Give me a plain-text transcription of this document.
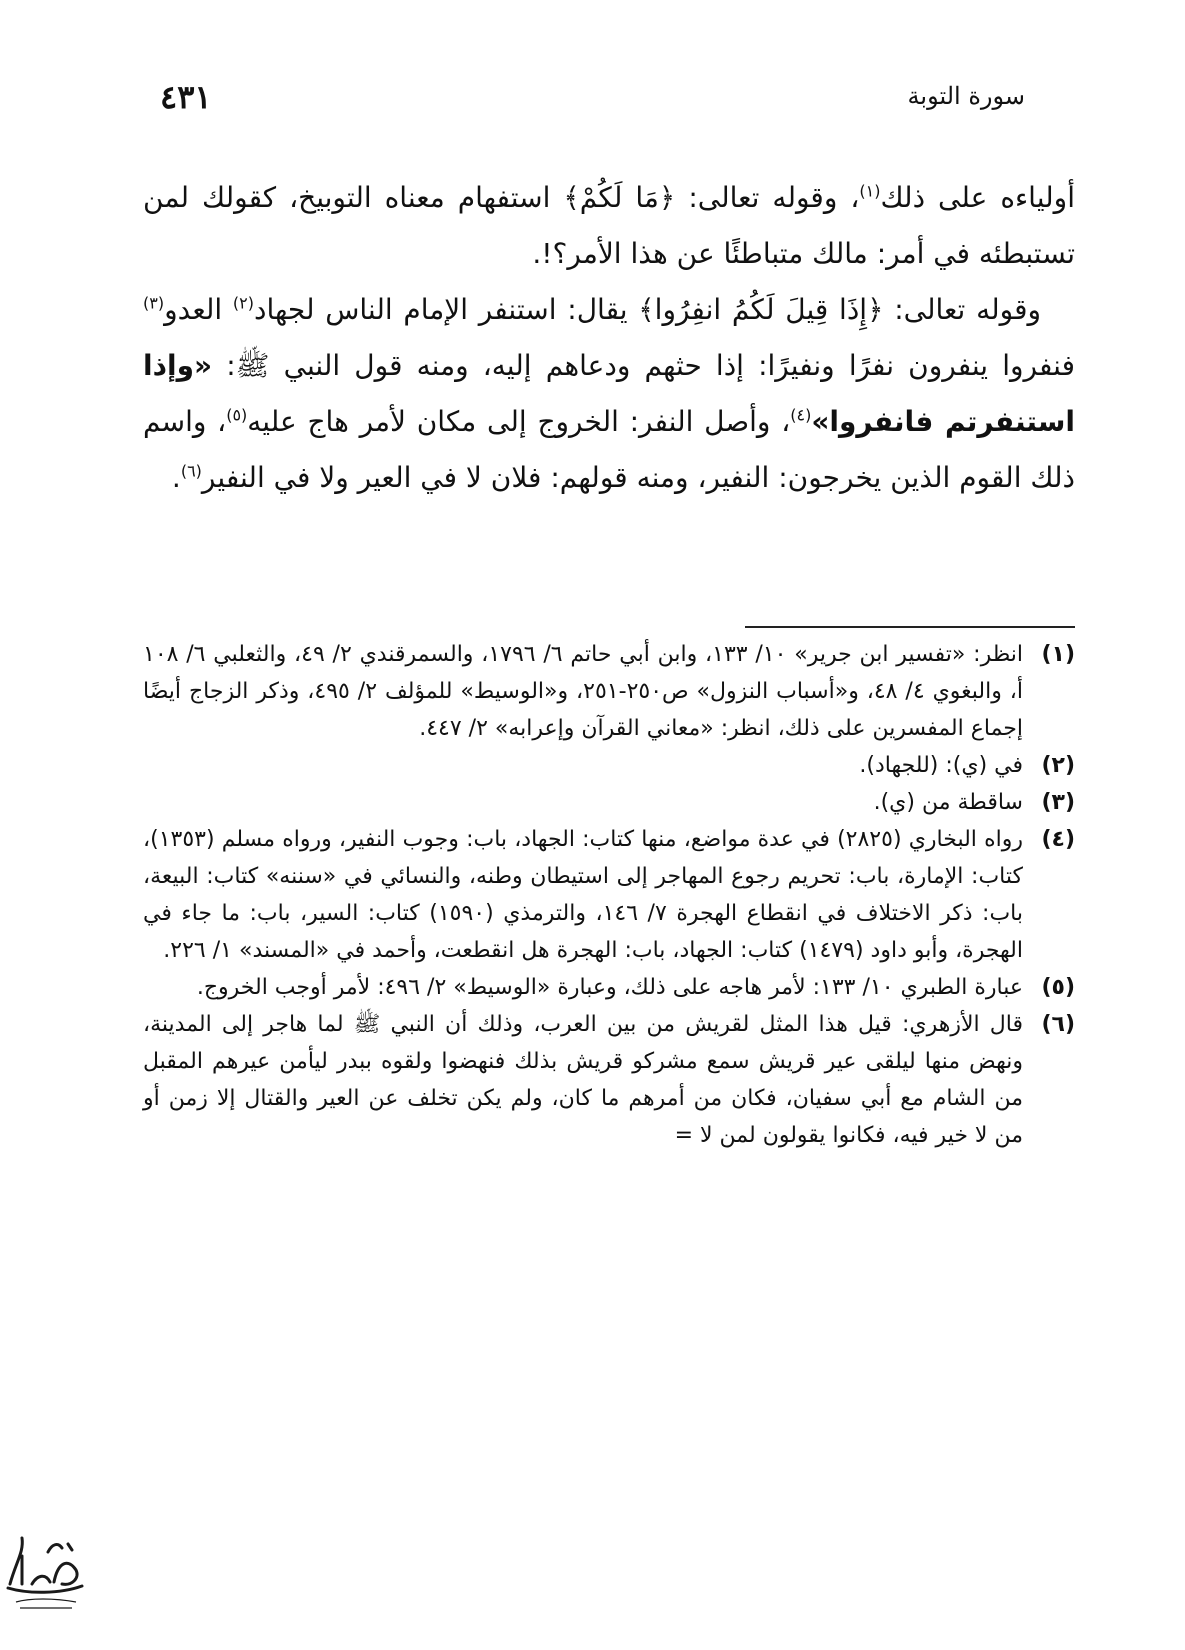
سورة التوبة
٤٣١

أولياءه على ذلك$^{(١)}$، وقوله تعالى: ﴿مَا لَكُمْ﴾ استفهام معناه التوبيخ، كقولك لمن تستبطئه في أمر: مالك متباطئًا عن هذا الأمر؟!.

وقوله تعالى: ﴿إِذَا قِيلَ لَكُمُ انفِرُوا﴾ يقال: استنفر الإمام الناس لجهاد$^{(٢)}$ العدو$^{(٣)}$ فنفروا ينفرون نفرًا ونفيرًا: إذا حثهم ودعاهم إليه، ومنه قول النبي ﷺ: «وإذا استنفرتم فانفروا»$^{(٤)}$، وأصل النفر: الخروج إلى مكان لأمر هاج عليه$^{(٥)}$، واسم ذلك القوم الذين يخرجون: النفير، ومنه قولهم: فلان لا في العير ولا في النفير$^{(٦)}$.

(١)
انظر: «تفسير ابن جرير» ١٠/ ١٣٣، وابن أبي حاتم ٦/ ١٧٩٦، والسمرقندي ٢/ ٤٩، والثعلبي ٦/ ١٠٨ أ، والبغوي ٤/ ٤٨، و«أسباب النزول» ص٢٥٠-٢٥١، و«الوسيط» للمؤلف ٢/ ٤٩٥، وذكر الزجاج أيضًا إجماع المفسرين على ذلك، انظر: «معاني القرآن وإعرابه» ٢/ ٤٤٧.
(٢)
في (ي): (للجهاد).
(٣)
ساقطة من (ي).
(٤)
رواه البخاري (٢٨٢٥) في عدة مواضع، منها كتاب: الجهاد، باب: وجوب النفير، ورواه مسلم (١٣٥٣)، كتاب: الإمارة، باب: تحريم رجوع المهاجر إلى استيطان وطنه، والنسائي في «سننه» كتاب: البيعة، باب: ذكر الاختلاف في انقطاع الهجرة ٧/ ١٤٦، والترمذي (١٥٩٠) كتاب: السير، باب: ما جاء في الهجرة، وأبو داود (١٤٧٩) كتاب: الجهاد، باب: الهجرة هل انقطعت، وأحمد في «المسند» ١/ ٢٢٦.
(٥)
عبارة الطبري ١٠/ ١٣٣: لأمر هاجه على ذلك، وعبارة «الوسيط» ٢/ ٤٩٦: لأمر أوجب الخروج.
(٦)
قال الأزهري: قيل هذا المثل لقريش من بين العرب، وذلك أن النبي ﷺ لما هاجر إلى المدينة، ونهض منها ليلقى عير قريش سمع مشركو قريش بذلك فنهضوا ولقوه ببدر ليأمن عيرهم المقبل من الشام مع أبي سفيان، فكان من أمرهم ما كان، ولم يكن تخلف عن العير والقتال إلا زمن أو من لا خير فيه، فكانوا يقولون لمن لا =
